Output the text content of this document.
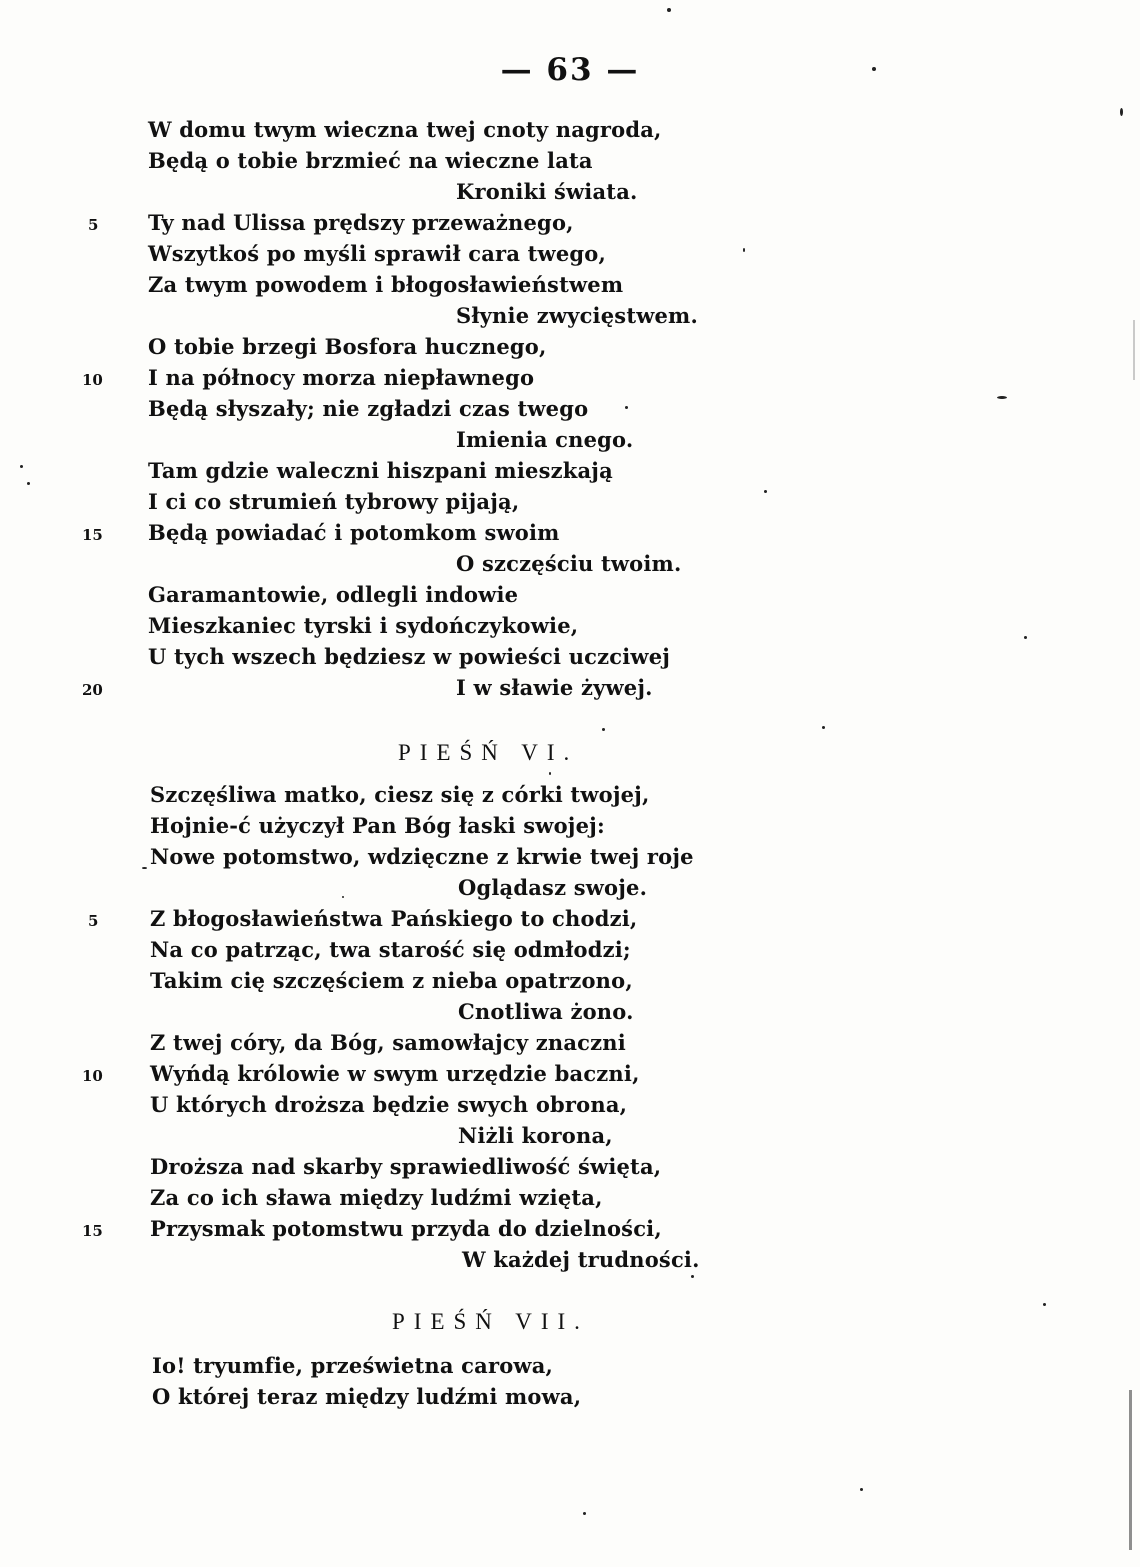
— 63 —
W domu twym wieczna twej cnoty nagroda,
Będą o tobie brzmieć na wieczne lata
Kroniki świata.
Ty nad Ulissa prędszy przeważnego,
Wszytkoś po myśli sprawił cara twego,
Za twym powodem i błogosławieństwem
Słynie zwycięstwem.
O tobie brzegi Bosfora hucznego,
I na północy morza niepławnego
Będą słyszały; nie zgładzi czas twego
Imienia cnego.
Tam gdzie waleczni hiszpani mieszkają
I ci co strumień tybrowy pijają,
Będą powiadać i potomkom swoim
O szczęściu twoim.
Garamantowie, odlegli indowie
Mieszkaniec tyrski i sydończykowie,
U tych wszech będziesz w powieści uczciwej
I w sławie żywej.
5
10
15
20
PIEŚŃ VI.
Szczęśliwa matko, ciesz się z córki twojej,
Hojnie-ć użyczył Pan Bóg łaski swojej:
Nowe potomstwo, wdzięczne z krwie twej roje
Oglądasz swoje.
Z błogosławieństwa Pańskiego to chodzi,
Na co patrząc, twa starość się odmłodzi;
Takim cię szczęściem z nieba opatrzono,
Cnotliwa żono.
Z twej córy, da Bóg, samowłajcy znaczni
Wyńdą królowie w swym urzędzie baczni,
U których droższa będzie swych obrona,
Niżli korona,
Droższa nad skarby sprawiedliwość święta,
Za co ich sława między ludźmi wzięta,
Przysmak potomstwu przyda do dzielności,
W każdej trudności.
5
10
15
PIEŚŃ VII.
Io! tryumfie, prześwietna carowa,
O której teraz między ludźmi mowa,
